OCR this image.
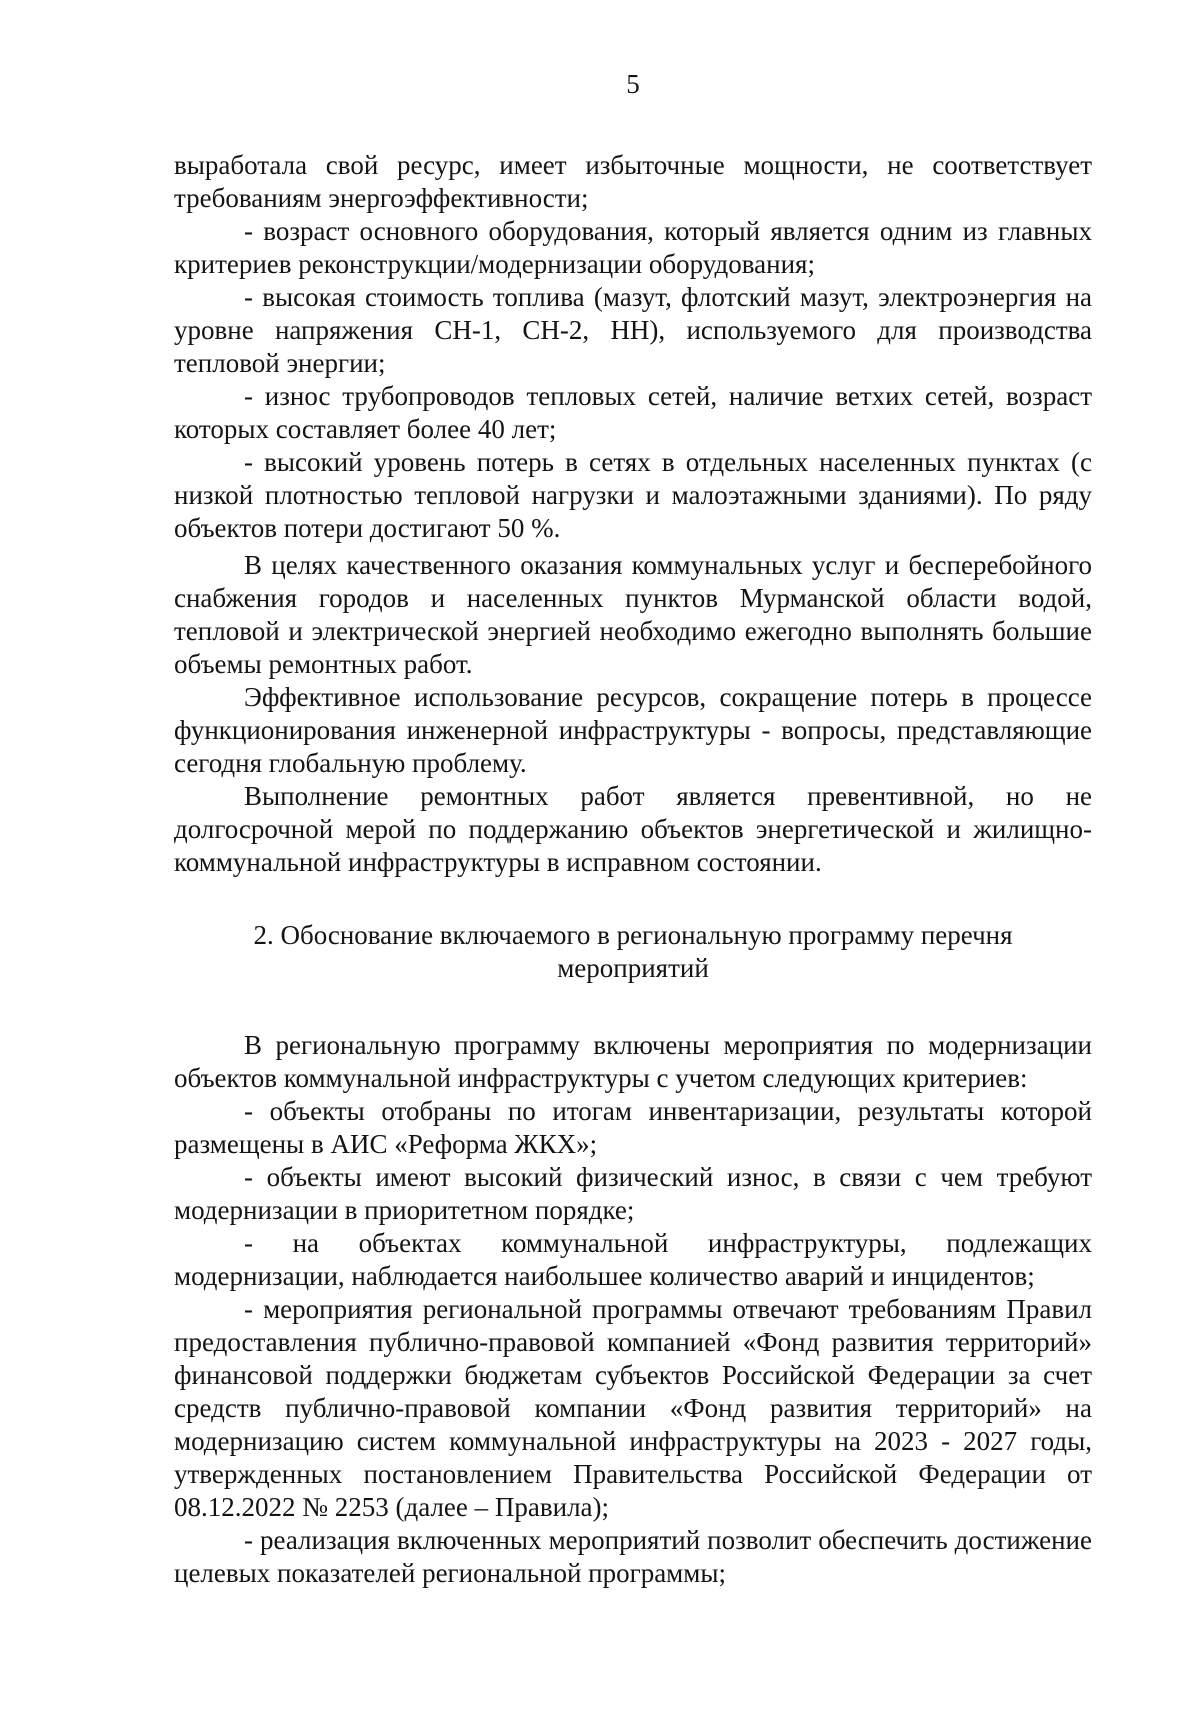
5

выработала свой ресурс, имеет избыточные мощности, не соответствует требованиям энергоэффективности;

- возраст основного оборудования, который является одним из главных критериев реконструкции/модернизации оборудования;

- высокая стоимость топлива (мазут, флотский мазут, электроэнергия на уровне напряжения СН-1, СН-2, НН), используемого для производства тепловой энергии;

- износ трубопроводов тепловых сетей, наличие ветхих сетей, возраст которых составляет более 40 лет;

- высокий уровень потерь в сетях в отдельных населенных пунктах (с низкой плотностью тепловой нагрузки и малоэтажными зданиями). По ряду объектов потери достигают 50 %.

В целях качественного оказания коммунальных услуг и бесперебойного снабжения городов и населенных пунктов Мурманской области водой, тепловой и электрической энергией необходимо ежегодно выполнять большие объемы ремонтных работ.

Эффективное использование ресурсов, сокращение потерь в процессе функционирования инженерной инфраструктуры - вопросы, представляющие сегодня глобальную проблему.

Выполнение ремонтных работ является превентивной, но не долгосрочной мерой по поддержанию объектов энергетической и жилищно-коммунальной инфраструктуры в исправном состоянии.

2. Обоснование включаемого в региональную программу перечня
мероприятий

В региональную программу включены мероприятия по модернизации объектов коммунальной инфраструктуры с учетом следующих критериев:

- объекты отобраны по итогам инвентаризации, результаты которой размещены в АИС «Реформа ЖКХ»;

- объекты имеют высокий физический износ, в связи с чем требуют модернизации в приоритетном порядке;

- на объектах коммунальной инфраструктуры, подлежащих модернизации, наблюдается наибольшее количество аварий и инцидентов;

- мероприятия региональной программы отвечают требованиям Правил предоставления публично-правовой компанией «Фонд развития территорий» финансовой поддержки бюджетам субъектов Российской Федерации за счет средств публично-правовой компании «Фонд развития территорий» на модернизацию систем коммунальной инфраструктуры на 2023 - 2027 годы, утвержденных постановлением Правительства Российской Федерации от 08.12.2022 № 2253 (далее – Правила);

- реализация включенных мероприятий позволит обеспечить достижение целевых показателей региональной программы;
